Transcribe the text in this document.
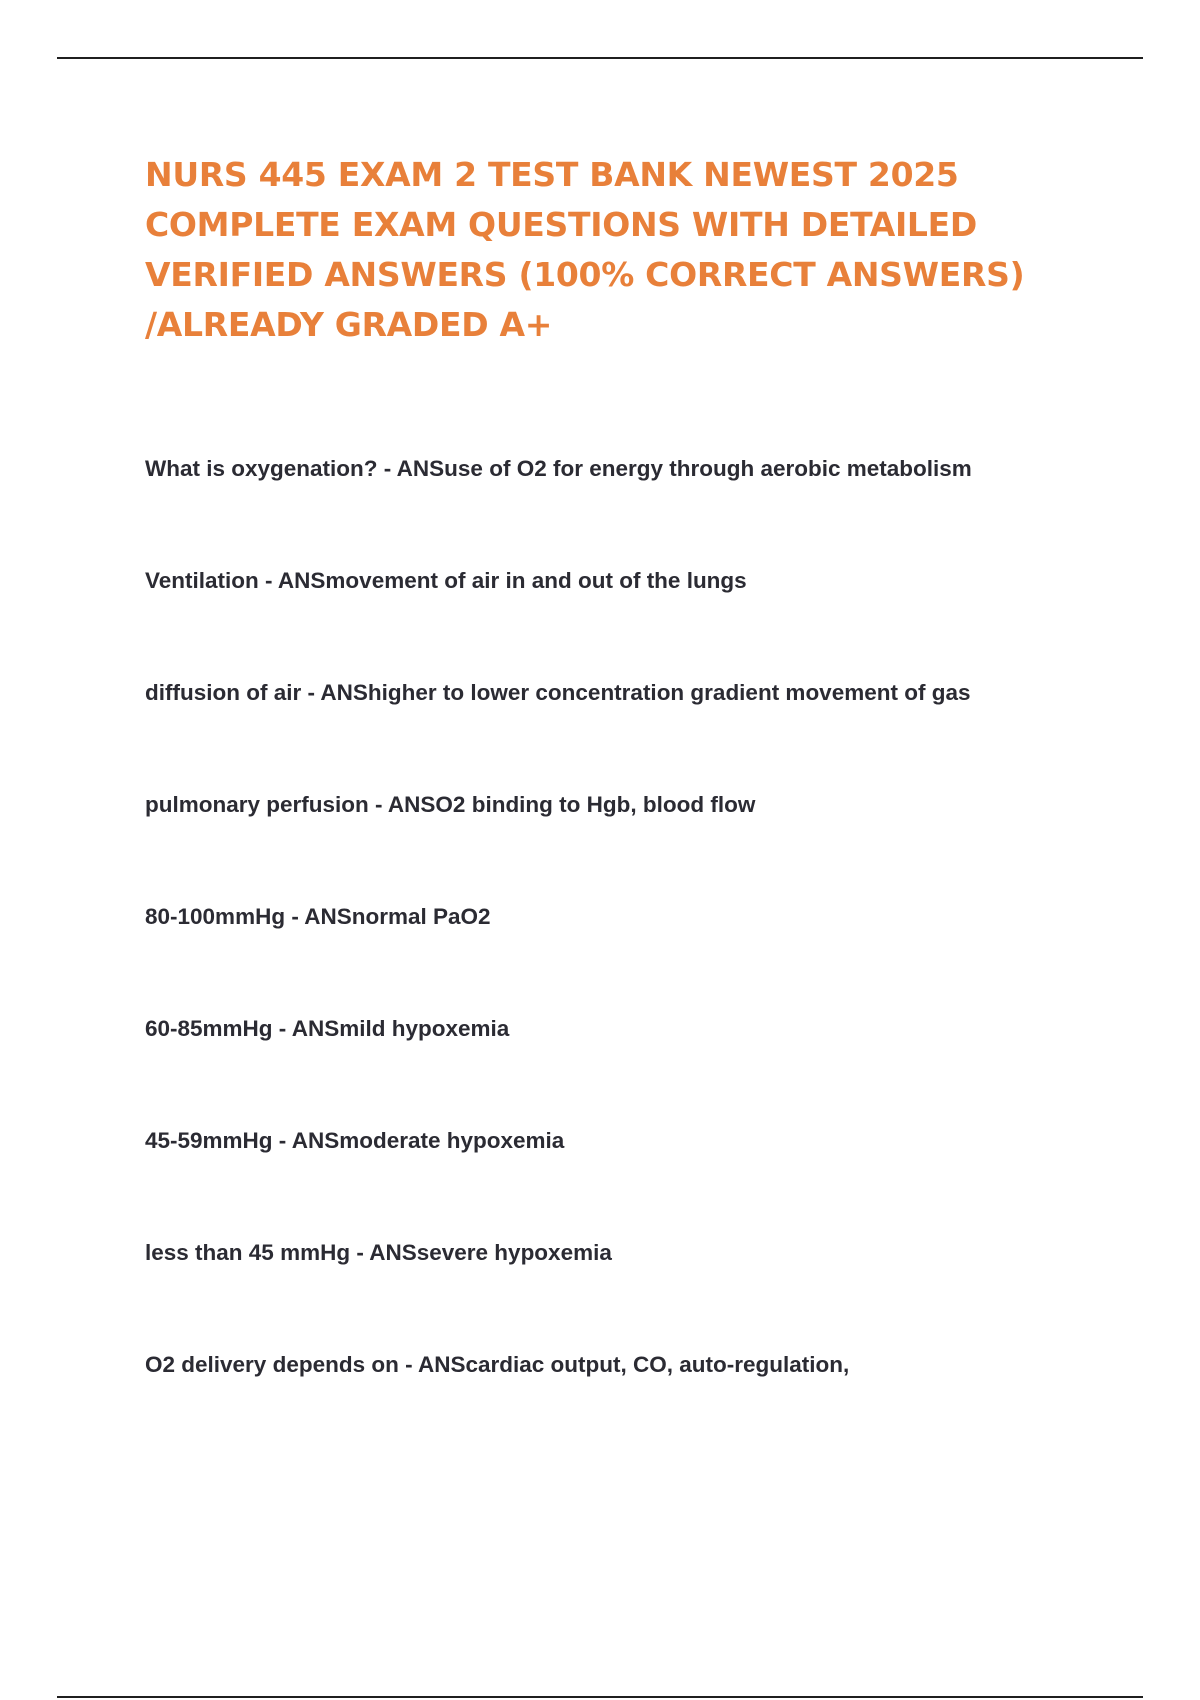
NURS 445 EXAM 2 TEST BANK NEWEST 2025
COMPLETE EXAM QUESTIONS WITH DETAILED
VERIFIED ANSWERS (100% CORRECT ANSWERS)
/ALREADY GRADED A+
What is oxygenation? - ANSuse of O2 for energy through aerobic metabolism
Ventilation - ANSmovement of air in and out of the lungs
diffusion of air - ANShigher to lower concentration gradient movement of gas
pulmonary perfusion - ANSO2 binding to Hgb, blood flow
80-100mmHg - ANSnormal PaO2
60-85mmHg - ANSmild hypoxemia
45-59mmHg - ANSmoderate hypoxemia
less than 45 mmHg - ANSsevere hypoxemia
O2 delivery depends on - ANScardiac output, CO, auto-regulation,
